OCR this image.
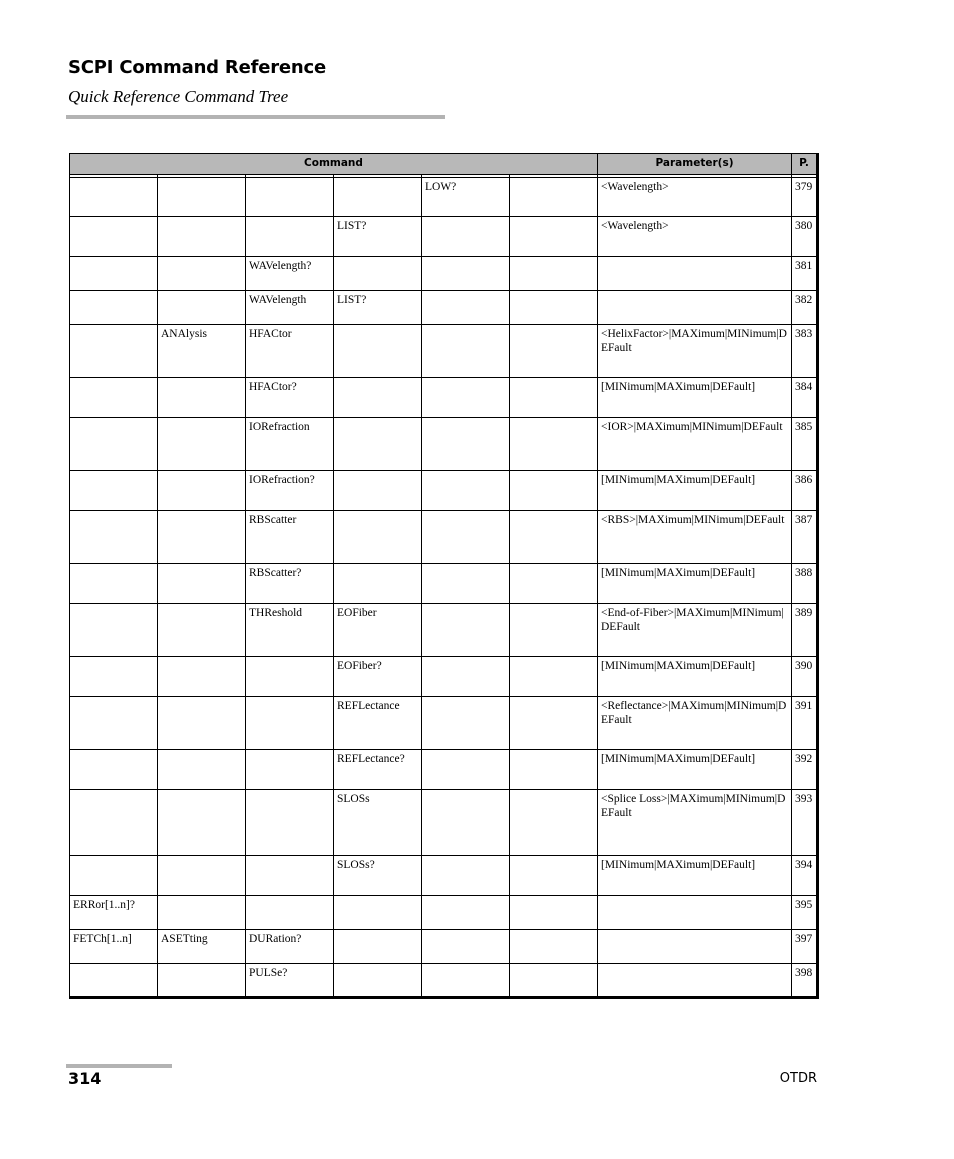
SCPI Command Reference
Quick Reference Command Tree
Command						Parameter(s)	P.

				LOW?		<Wavelength>	379
			LIST?			<Wavelength>	380
		WAVelength?					381
		WAVelength	LIST?				382
	ANAlysis	HFACtor				<HelixFactor>|MAXimum|MINimum|DEFault	383
		HFACtor?				[MINimum|MAXimum|DEFault]	384
		IORefraction				<IOR>|MAXimum|MINimum|DEFault	385
		IORefraction?				[MINimum|MAXimum|DEFault]	386
		RBScatter				<RBS>|MAXimum|MINimum|DEFault	387
		RBScatter?				[MINimum|MAXimum|DEFault]	388
		THReshold	EOFiber			<End-of-Fiber>|MAXimum|MINimum|DEFault	389
			EOFiber?			[MINimum|MAXimum|DEFault]	390
			REFLectance			<Reflectance>|MAXimum|MINimum|DEFault	391
			REFLectance?			[MINimum|MAXimum|DEFault]	392
			SLOSs			<Splice Loss>|MAXimum|MINimum|DEFault	393
			SLOSs?			[MINimum|MAXimum|DEFault]	394
ERRor[1..n]?							395
FETCh[1..n]	ASETting	DURation?					397
		PULSe?					398
314	OTDR
